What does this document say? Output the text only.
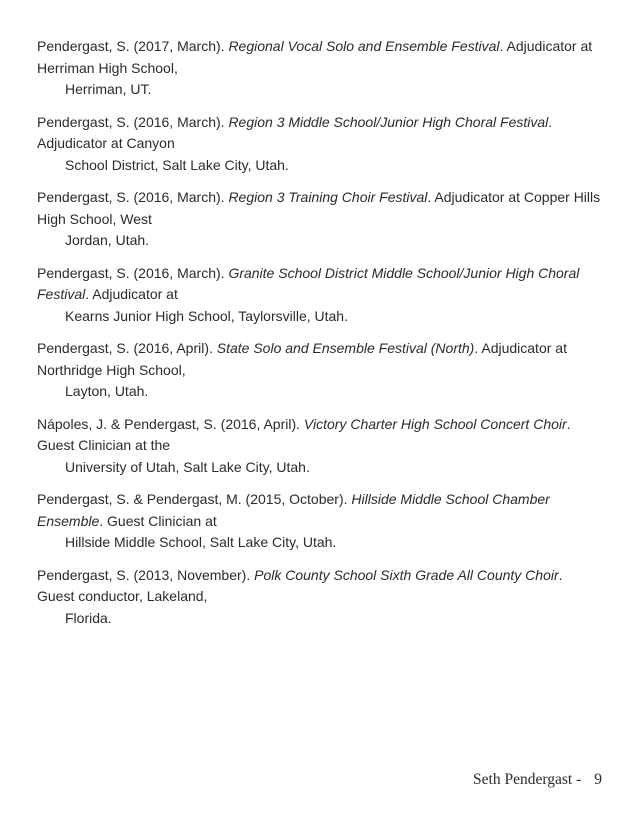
Pendergast, S. (2017, March). Regional Vocal Solo and Ensemble Festival. Adjudicator at Herriman High School,
Herriman, UT.

Pendergast, S. (2016, March). Region 3 Middle School/Junior High Choral Festival. Adjudicator at Canyon
School District, Salt Lake City, Utah.

Pendergast, S. (2016, March). Region 3 Training Choir Festival. Adjudicator at Copper Hills High School, West
Jordan, Utah.

Pendergast, S. (2016, March). Granite School District Middle School/Junior High Choral Festival. Adjudicator at
Kearns Junior High School, Taylorsville, Utah.

Pendergast, S. (2016, April). State Solo and Ensemble Festival (North). Adjudicator at Northridge High School,
Layton, Utah.

Nápoles, J. & Pendergast, S. (2016, April). Victory Charter High School Concert Choir. Guest Clinician at the
University of Utah, Salt Lake City, Utah.

Pendergast, S. & Pendergast, M. (2015, October). Hillside Middle School Chamber Ensemble. Guest Clinician at
Hillside Middle School, Salt Lake City, Utah.

Pendergast, S. (2013, November). Polk County School Sixth Grade All County Choir. Guest conductor, Lakeland,
Florida.

Seth Pendergast - 9
